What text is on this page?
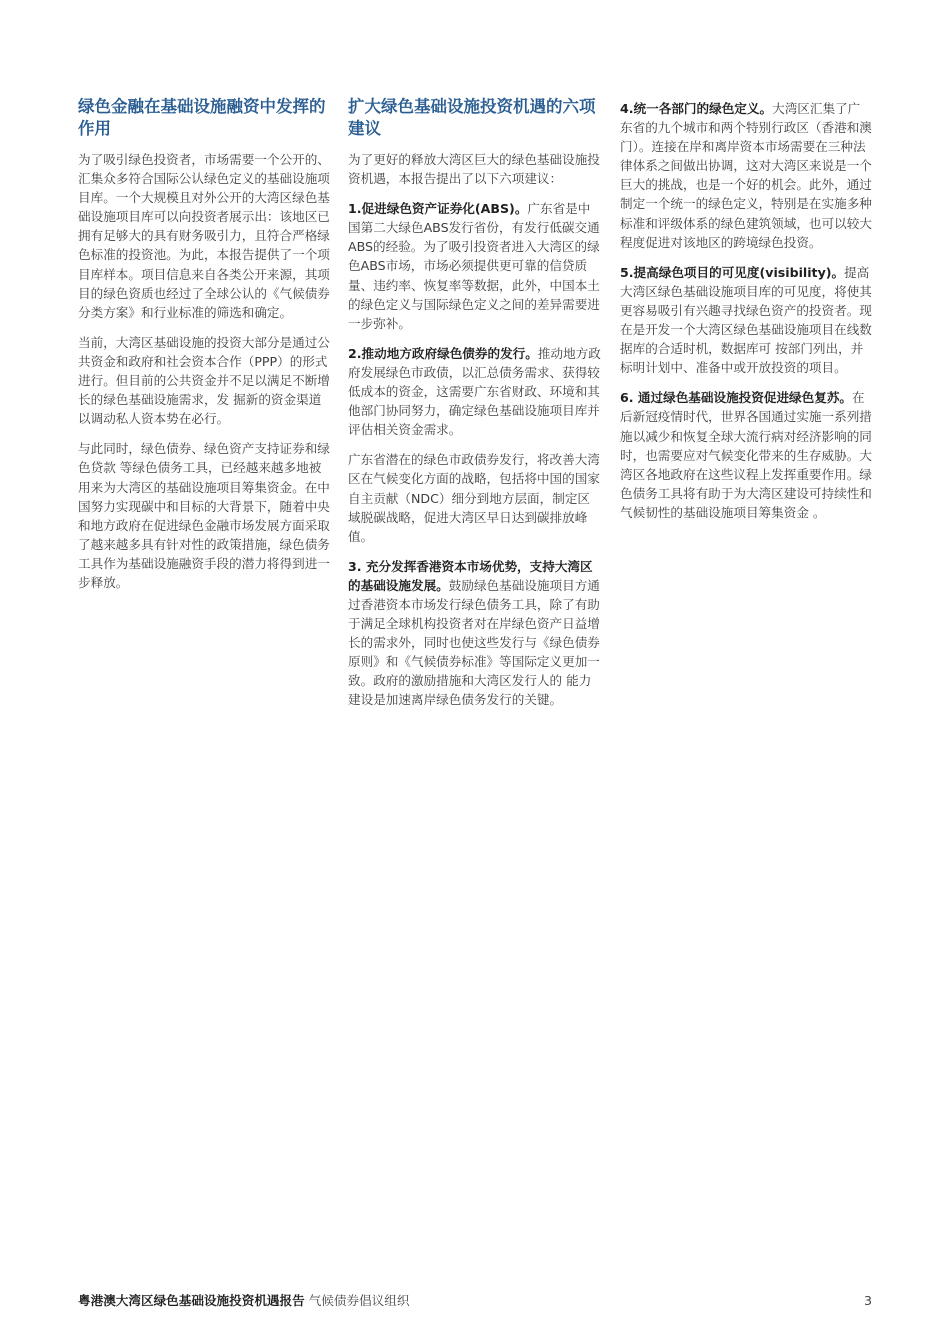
绿色金融在基础设施融资中发挥的作用

为了吸引绿色投资者，市场需要一个公开的、汇集众多符合国际公认绿色定义的基础设施项目库。一个大规模且对外公开的大湾区绿色基础设施项目库可以向投资者展示出：该地区已拥有足够大的具有财务吸引力，且符合严格绿色标准的投资池。为此，本报告提供了一个项目库样本。项目信息来自各类公开来源，其项目的绿色资质也经过了全球公认的《气候债券分类方案》和行业标准的筛选和确定。

当前，大湾区基础设施的投资大部分是通过公共资金和政府和社会资本合作（PPP）的形式进行。但目前的公共资金并不足以满足不断增长的绿色基础设施需求，发 掘新的资金渠道以调动私人资本势在必行。

与此同时，绿色债券、绿色资产支持证券和绿色贷款 等绿色债务工具，已经越来越多地被用来为大湾区的基础设施项目筹集资金。在中国努力实现碳中和目标的大背景下，随着中央和地方政府在促进绿色金融市场发展方面采取了越来越多具有针对性的政策措施，绿色债务工具作为基础设施融资手段的潜力将得到进一步释放。

扩大绿色基础设施投资机遇的六项建议

为了更好的释放大湾区巨大的绿色基础设施投资机遇，本报告提出了以下六项建议：

1.促进绿色资产证券化(ABS)。广东省是中国第二大绿色ABS发行省份，有发行低碳交通ABS的经验。为了吸引投资者进入大湾区的绿色ABS市场，市场必须提供更可靠的信贷质量、违约率、恢复率等数据，此外，中国本土的绿色定义与国际绿色定义之间的差异需要进一步弥补。

2.推动地方政府绿色债券的发行。推动地方政府发展绿色市政债，以汇总债务需求、获得较低成本的资金，这需要广东省财政、环境和其他部门协同努力，确定绿色基础设施项目库并评估相关资金需求。

广东省潜在的绿色市政债券发行，将改善大湾区在气候变化方面的战略，包括将中国的国家自主贡献（NDC）细分到地方层面，制定区域脱碳战略，促进大湾区早日达到碳排放峰值。

3. 充分发挥香港资本市场优势，支持大湾区的基础设施发展。鼓励绿色基础设施项目方通过香港资本市场发行绿色债务工具，除了有助于满足全球机构投资者对在岸绿色资产日益增长的需求外，同时也使这些发行与《绿色债券原则》和《气候债券标准》等国际定义更加一致。政府的激励措施和大湾区发行人的 能力建设是加速离岸绿色债务发行的关键。

4.统一各部门的绿色定义。大湾区汇集了广东省的九个城市和两个特别行政区（香港和澳门）。连接在岸和离岸资本市场需要在三种法律体系之间做出协调，这对大湾区来说是一个巨大的挑战，也是一个好的机会。此外，通过制定一个统一的绿色定义，特别是在实施多种标准和评级体系的绿色建筑领域，也可以较大程度促进对该地区的跨境绿色投资。

5.提高绿色项目的可见度(visibility)。提高大湾区绿色基础设施项目库的可见度，将使其更容易吸引有兴趣寻找绿色资产的投资者。现在是开发一个大湾区绿色基础设施项目在线数据库的合适时机，数据库可 按部门列出，并标明计划中、准备中或开放投资的项目。

6. 通过绿色基础设施投资促进绿色复苏。在后新冠疫情时代，世界各国通过实施一系列措施以减少和恢复全球大流行病对经济影响的同时，也需要应对气候变化带来的生存威胁。大湾区各地政府在这些议程上发挥重要作用。绿色债务工具将有助于为大湾区建设可持续性和气候韧性的基础设施项目筹集资金 。

粤港澳大湾区绿色基础设施投资机遇报告 气候债券倡议组织	3
